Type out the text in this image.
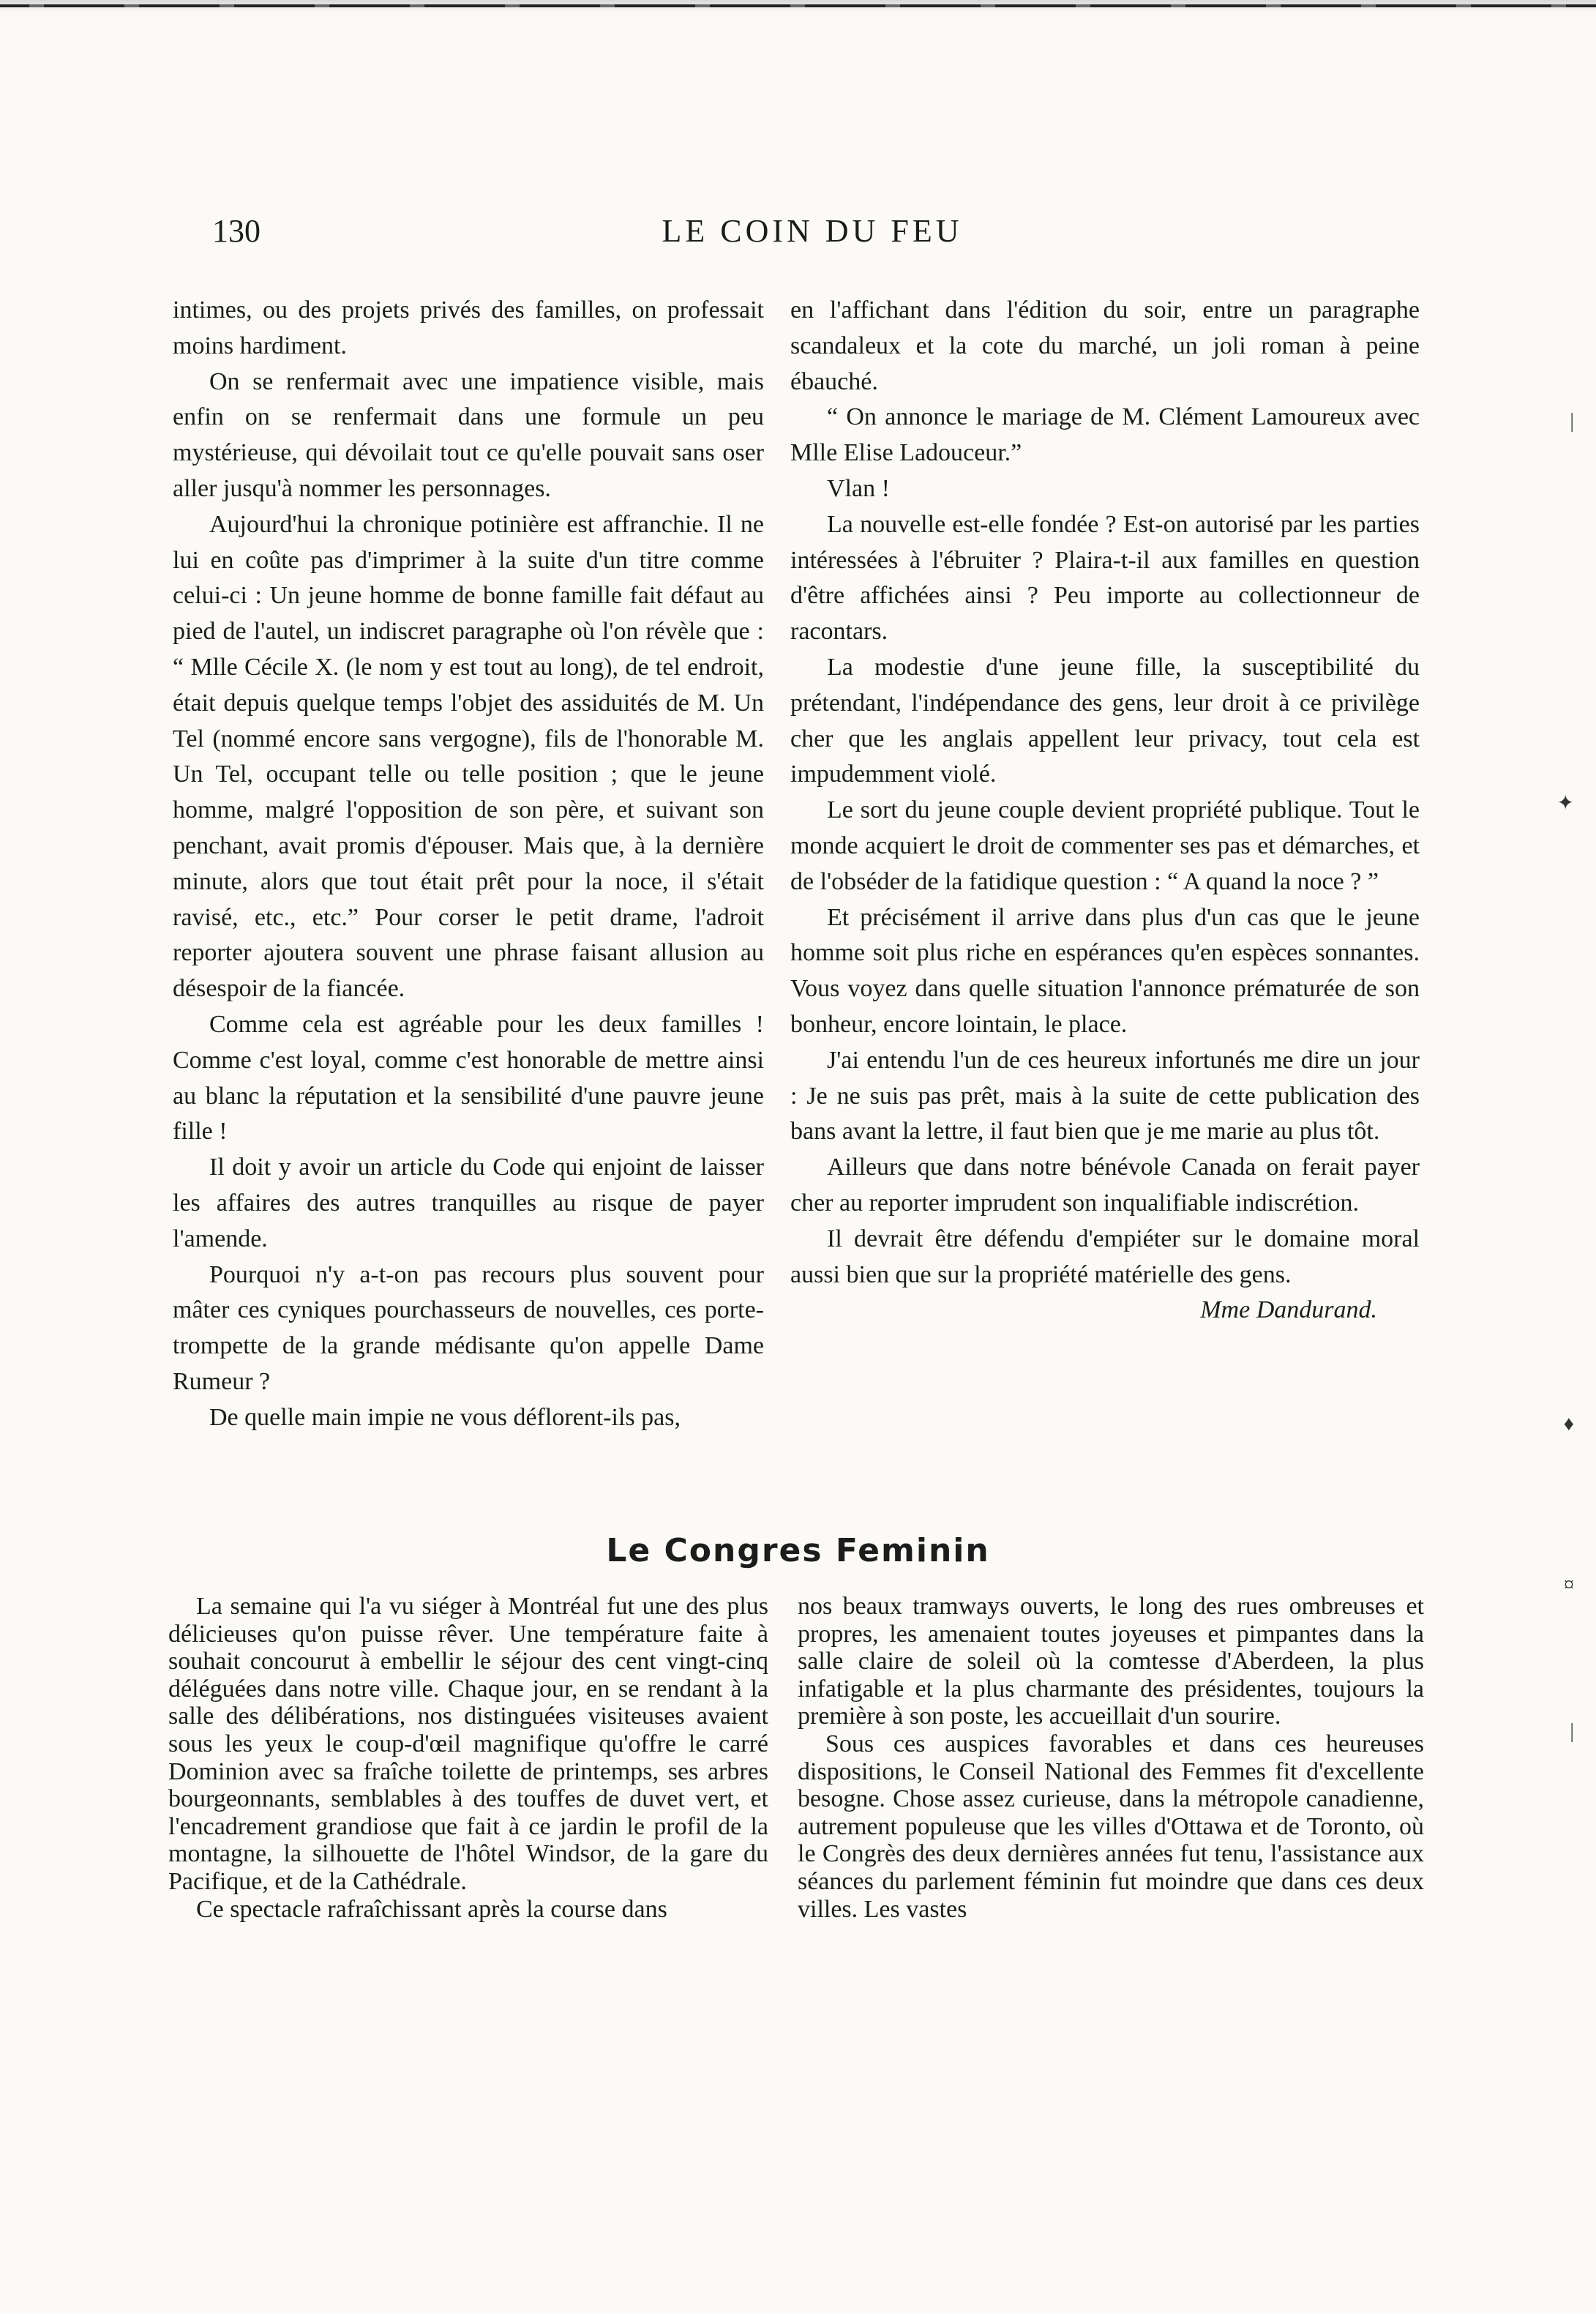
130	LE COIN DU FEU

intimes, ou des projets privés des familles, on professait moins hardiment.

On se renfermait avec une impatience visible, mais enfin on se renfermait dans une formule un peu mystérieuse, qui dévoilait tout ce qu'elle pouvait sans oser aller jusqu'à nommer les personnages.

Aujourd'hui la chronique potinière est affranchie. Il ne lui en coûte pas d'imprimer à la suite d'un titre comme celui-ci : Un jeune homme de bonne famille fait défaut au pied de l'autel, un indiscret paragraphe où l'on révèle que : “ Mlle Cécile X. (le nom y est tout au long), de tel endroit, était depuis quelque temps l'objet des assiduités de M. Un Tel (nommé encore sans vergogne), fils de l'honorable M. Un Tel, occupant telle ou telle position ; que le jeune homme, malgré l'opposition de son père, et suivant son penchant, avait promis d'épouser. Mais que, à la dernière minute, alors que tout était prêt pour la noce, il s'était ravisé, etc., etc.” Pour corser le petit drame, l'adroit reporter ajoutera souvent une phrase faisant allusion au désespoir de la fiancée.

Comme cela est agréable pour les deux familles ! Comme c'est loyal, comme c'est honorable de mettre ainsi au blanc la réputation et la sensibilité d'une pauvre jeune fille !

Il doit y avoir un article du Code qui enjoint de laisser les affaires des autres tranquilles au risque de payer l'amende.

Pourquoi n'y a-t-on pas recours plus souvent pour mâter ces cyniques pourchasseurs de nouvelles, ces porte-trompette de la grande médisante qu'on appelle Dame Rumeur ?

De quelle main impie ne vous déflorent-ils pas,

en l'affichant dans l'édition du soir, entre un paragraphe scandaleux et la cote du marché, un joli roman à peine ébauché.

“ On annonce le mariage de M. Clément Lamoureux avec Mlle Elise Ladouceur.”

Vlan !

La nouvelle est-elle fondée ? Est-on autorisé par les parties intéressées à l'ébruiter ? Plaira-t-il aux familles en question d'être affichées ainsi ? Peu importe au collectionneur de racontars.

La modestie d'une jeune fille, la susceptibilité du prétendant, l'indépendance des gens, leur droit à ce privilège cher que les anglais appellent leur privacy, tout cela est impudemment violé.

Le sort du jeune couple devient propriété publique. Tout le monde acquiert le droit de commenter ses pas et démarches, et de l'obséder de la fatidique question : “ A quand la noce ? ”

Et précisément il arrive dans plus d'un cas que le jeune homme soit plus riche en espérances qu'en espèces sonnantes. Vous voyez dans quelle situation l'annonce prématurée de son bonheur, encore lointain, le place.

J'ai entendu l'un de ces heureux infortunés me dire un jour : Je ne suis pas prêt, mais à la suite de cette publication des bans avant la lettre, il faut bien que je me marie au plus tôt.

Ailleurs que dans notre bénévole Canada on ferait payer cher au reporter imprudent son inqualifiable indiscrétion.

Il devrait être défendu d'empiéter sur le domaine moral aussi bien que sur la propriété matérielle des gens.

Mme Dandurand.

Le Congres Feminin

La semaine qui l'a vu siéger à Montréal fut une des plus délicieuses qu'on puisse rêver. Une température faite à souhait concourut à embellir le séjour des cent vingt-cinq déléguées dans notre ville. Chaque jour, en se rendant à la salle des délibérations, nos distinguées visiteuses avaient sous les yeux le coup-d'œil magnifique qu'offre le carré Dominion avec sa fraîche toilette de printemps, ses arbres bourgeonnants, semblables à des touffes de duvet vert, et l'encadrement grandiose que fait à ce jardin le profil de la montagne, la silhouette de l'hôtel Windsor, de la gare du Pacifique, et de la Cathédrale.

Ce spectacle rafraîchissant après la course dans

nos beaux tramways ouverts, le long des rues ombreuses et propres, les amenaient toutes joyeuses et pimpantes dans la salle claire de soleil où la comtesse d'Aberdeen, la plus infatigable et la plus charmante des présidentes, toujours la première à son poste, les accueillait d'un sourire.

Sous ces auspices favorables et dans ces heureuses dispositions, le Conseil National des Femmes fit d'excellente besogne. Chose assez curieuse, dans la métropole canadienne, autrement populeuse que les villes d'Ottawa et de Toronto, où le Congrès des deux dernières années fut tenu, l'assistance aux séances du parlement féminin fut moindre que dans ces deux villes. Les vastes

|
✦
♦
¤
|
